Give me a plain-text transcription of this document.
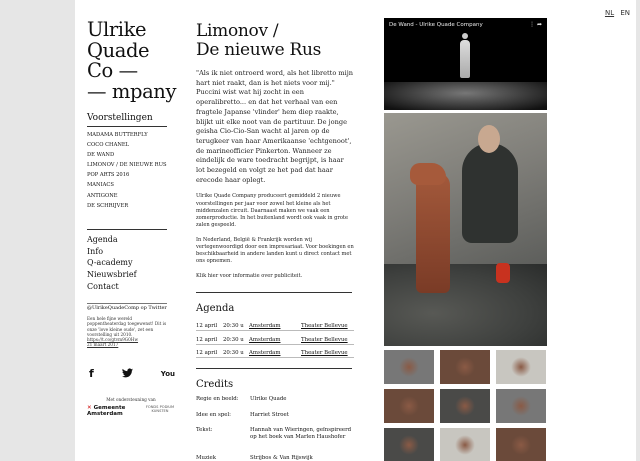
NL EN
Ulrike
Quade
Co —
— mpany
Voorstellingen
MADAMA BUTTERFLY
COCO CHANEL
DE WAND
LIMONOV / DE NIEUWE RUS
POP ARTS 2016
MANIACS
ANTIGONE
DE SCHRIJVER
Agenda
Info
Q-academy
Nieuwsbrief
Contact
@UlrikeQuadeComp op Twitter
Een hele fijne wereld poppentheaterdag toegewenst! Dit is onze 'love kleine oude', zet een voorstelling uit 2010.
https://t.co/gtvm9G0Hw
21 maart 2017
f	You
Met ondersteuning van
✕ Gemeente
Amsterdam
FONDS PODIUM KUNSTEN
Limonov /
De nieuwe Rus
"Als ik niet ontroerd word, als het libretto mijn hart niet raakt, dan is het niets voor mij." Puccini wist wat hij zocht in een operalibretto... en dat het verhaal van een fragtele Japanse 'vlinder' hem diep raakte, blijkt uit elke noot van de partituur. De jonge geisha Cio-Cio-San wacht al jaren op de terugkeer van haar Amerikaanse 'echtgenoot', de marineofficier Pinkerton. Wanneer ze eindelijk de ware toedracht begrijpt, is haar lot bezegeld en volgt ze het pad dat haar erecode haar oplegt.
Ulrike Quade Company produceert gemiddeld 2 nieuwe voorstellingen per jaar voor zowel het kleine als het middenzalen circuit. Daarnaast maken we vaak een zomerproductie. In het buitenland wordt ook vaak in grote zalen gespeeld.
In Nederland, België & Frankrijk worden wij vertegenwoordigd door een impresariaat. Voor boekingen en beschikbaarheid in andere landen kunt u direct contact met ons opnemen.
Klik hier voor informatie over publiciteit.
Agenda
12 april	20:30 u Amsterdam	Theater Bellevue
12 april	20:30 u Amsterdam	Theater Bellevue
12 april	20:30 u Amsterdam	Theater Bellevue
Credits
Regie en beeld:	Ulrike Quade
Idee en spel:	Harriet Stroet
Tekst:	Hannah van Wieringen, geïnspireerd op het boek van Marlen Haushofer
Muziek	Strijbos & Van Rijswijk
De Wand - Ulrike Quade Company	⋮ ➦
